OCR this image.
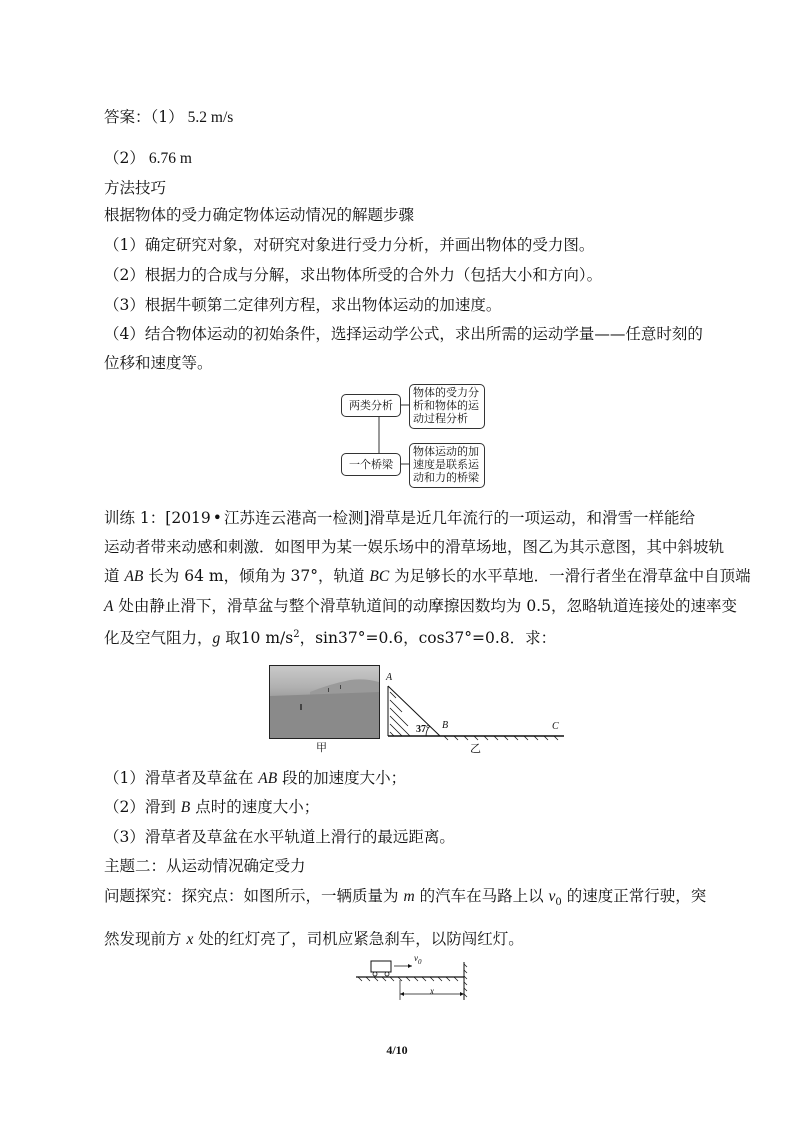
答案：（1） 5.2 m/s
（2） 6.76 m
方法技巧
根据物体的受力确定物体运动情况的解题步骤
（1）确定研究对象，对研究对象进行受力分析，并画出物体的受力图。
（2）根据力的合成与分解，求出物体所受的合外力（包括大小和方向）。
（3）根据牛顿第二定律列方程，求出物体运动的加速度。
（4）结合物体运动的初始条件，选择运动学公式，求出所需的运动学量——任意时刻的
位移和速度等。
两类分析
一个桥梁
物体的受力分
析和物体的运
动过程分析
物体运动的加
速度是联系运
动和力的桥梁
训练 1：[2019 • 江苏连云港高一检测]滑草是近几年流行的一项运动，和滑雪一样能给
运动者带来动感和刺激．如图甲为某一娱乐场中的滑草场地，图乙为其示意图，其中斜坡轨
道 AB 长为 64 m，倾角为 37°，轨道 BC 为足够长的水平草地．一滑行者坐在滑草盆中自顶端
A 处由静止滑下，滑草盆与整个滑草轨道间的动摩擦因数均为 0.5，忽略轨道连接处的速率变
化及空气阻力，g 取10 $m/s^2$，sin37°=0.6，cos37°=0.8．求：
甲
A
B	C
37°
乙
（1）滑草者及草盆在 AB 段的加速度大小；
（2）滑到 B 点时的速度大小；
（3）滑草者及草盆在水平轨道上滑行的最远距离。
主题二：从运动情况确定受力
问题探究：探究点：如图所示，一辆质量为 m 的汽车在马路上以 $v_0$ 的速度正常行驶，突
然发现前方 x 处的红灯亮了，司机应紧急刹车，以防闯红灯。
$v_0$
x
4/10
